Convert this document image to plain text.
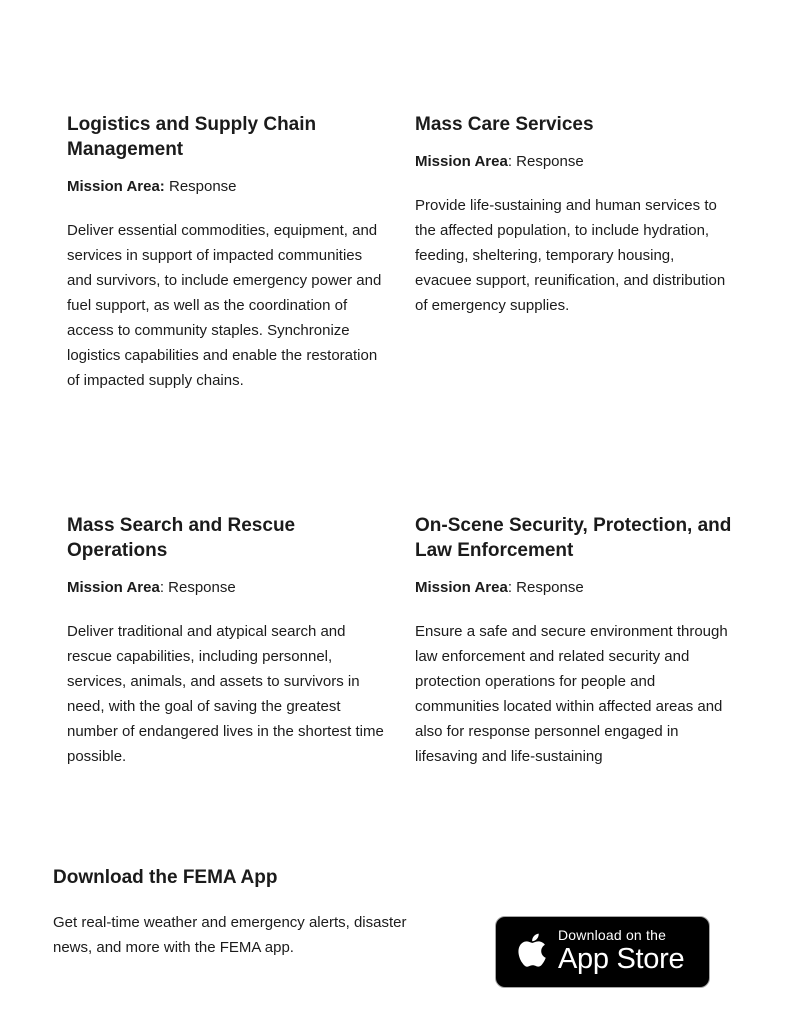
Logistics and Supply Chain Management

Mission Area: Response

Deliver essential commodities, equipment, and services in support of impacted communities and survivors, to include emergency power and fuel support, as well as the coordination of access to community staples. Synchronize logistics capabilities and enable the restoration of impacted supply chains.

Mass Care Services

Mission Area: Response

Provide life-sustaining and human services to the affected population, to include hydration, feeding, sheltering, temporary housing, evacuee support, reunification, and distribution of emergency supplies.

Mass Search and Rescue Operations

Mission Area: Response

Deliver traditional and atypical search and rescue capabilities, including personnel, services, animals, and assets to survivors in need, with the goal of saving the greatest number of endangered lives in the shortest time possible.

On-Scene Security, Protection, and Law Enforcement

Mission Area: Response

Ensure a safe and secure environment through law enforcement and related security and protection operations for people and communities located within affected areas and also for response personnel engaged in lifesaving and life-sustaining

Download the FEMA App

Get real-time weather and emergency alerts, disaster news, and more with the FEMA app.

Download on the
App Store
